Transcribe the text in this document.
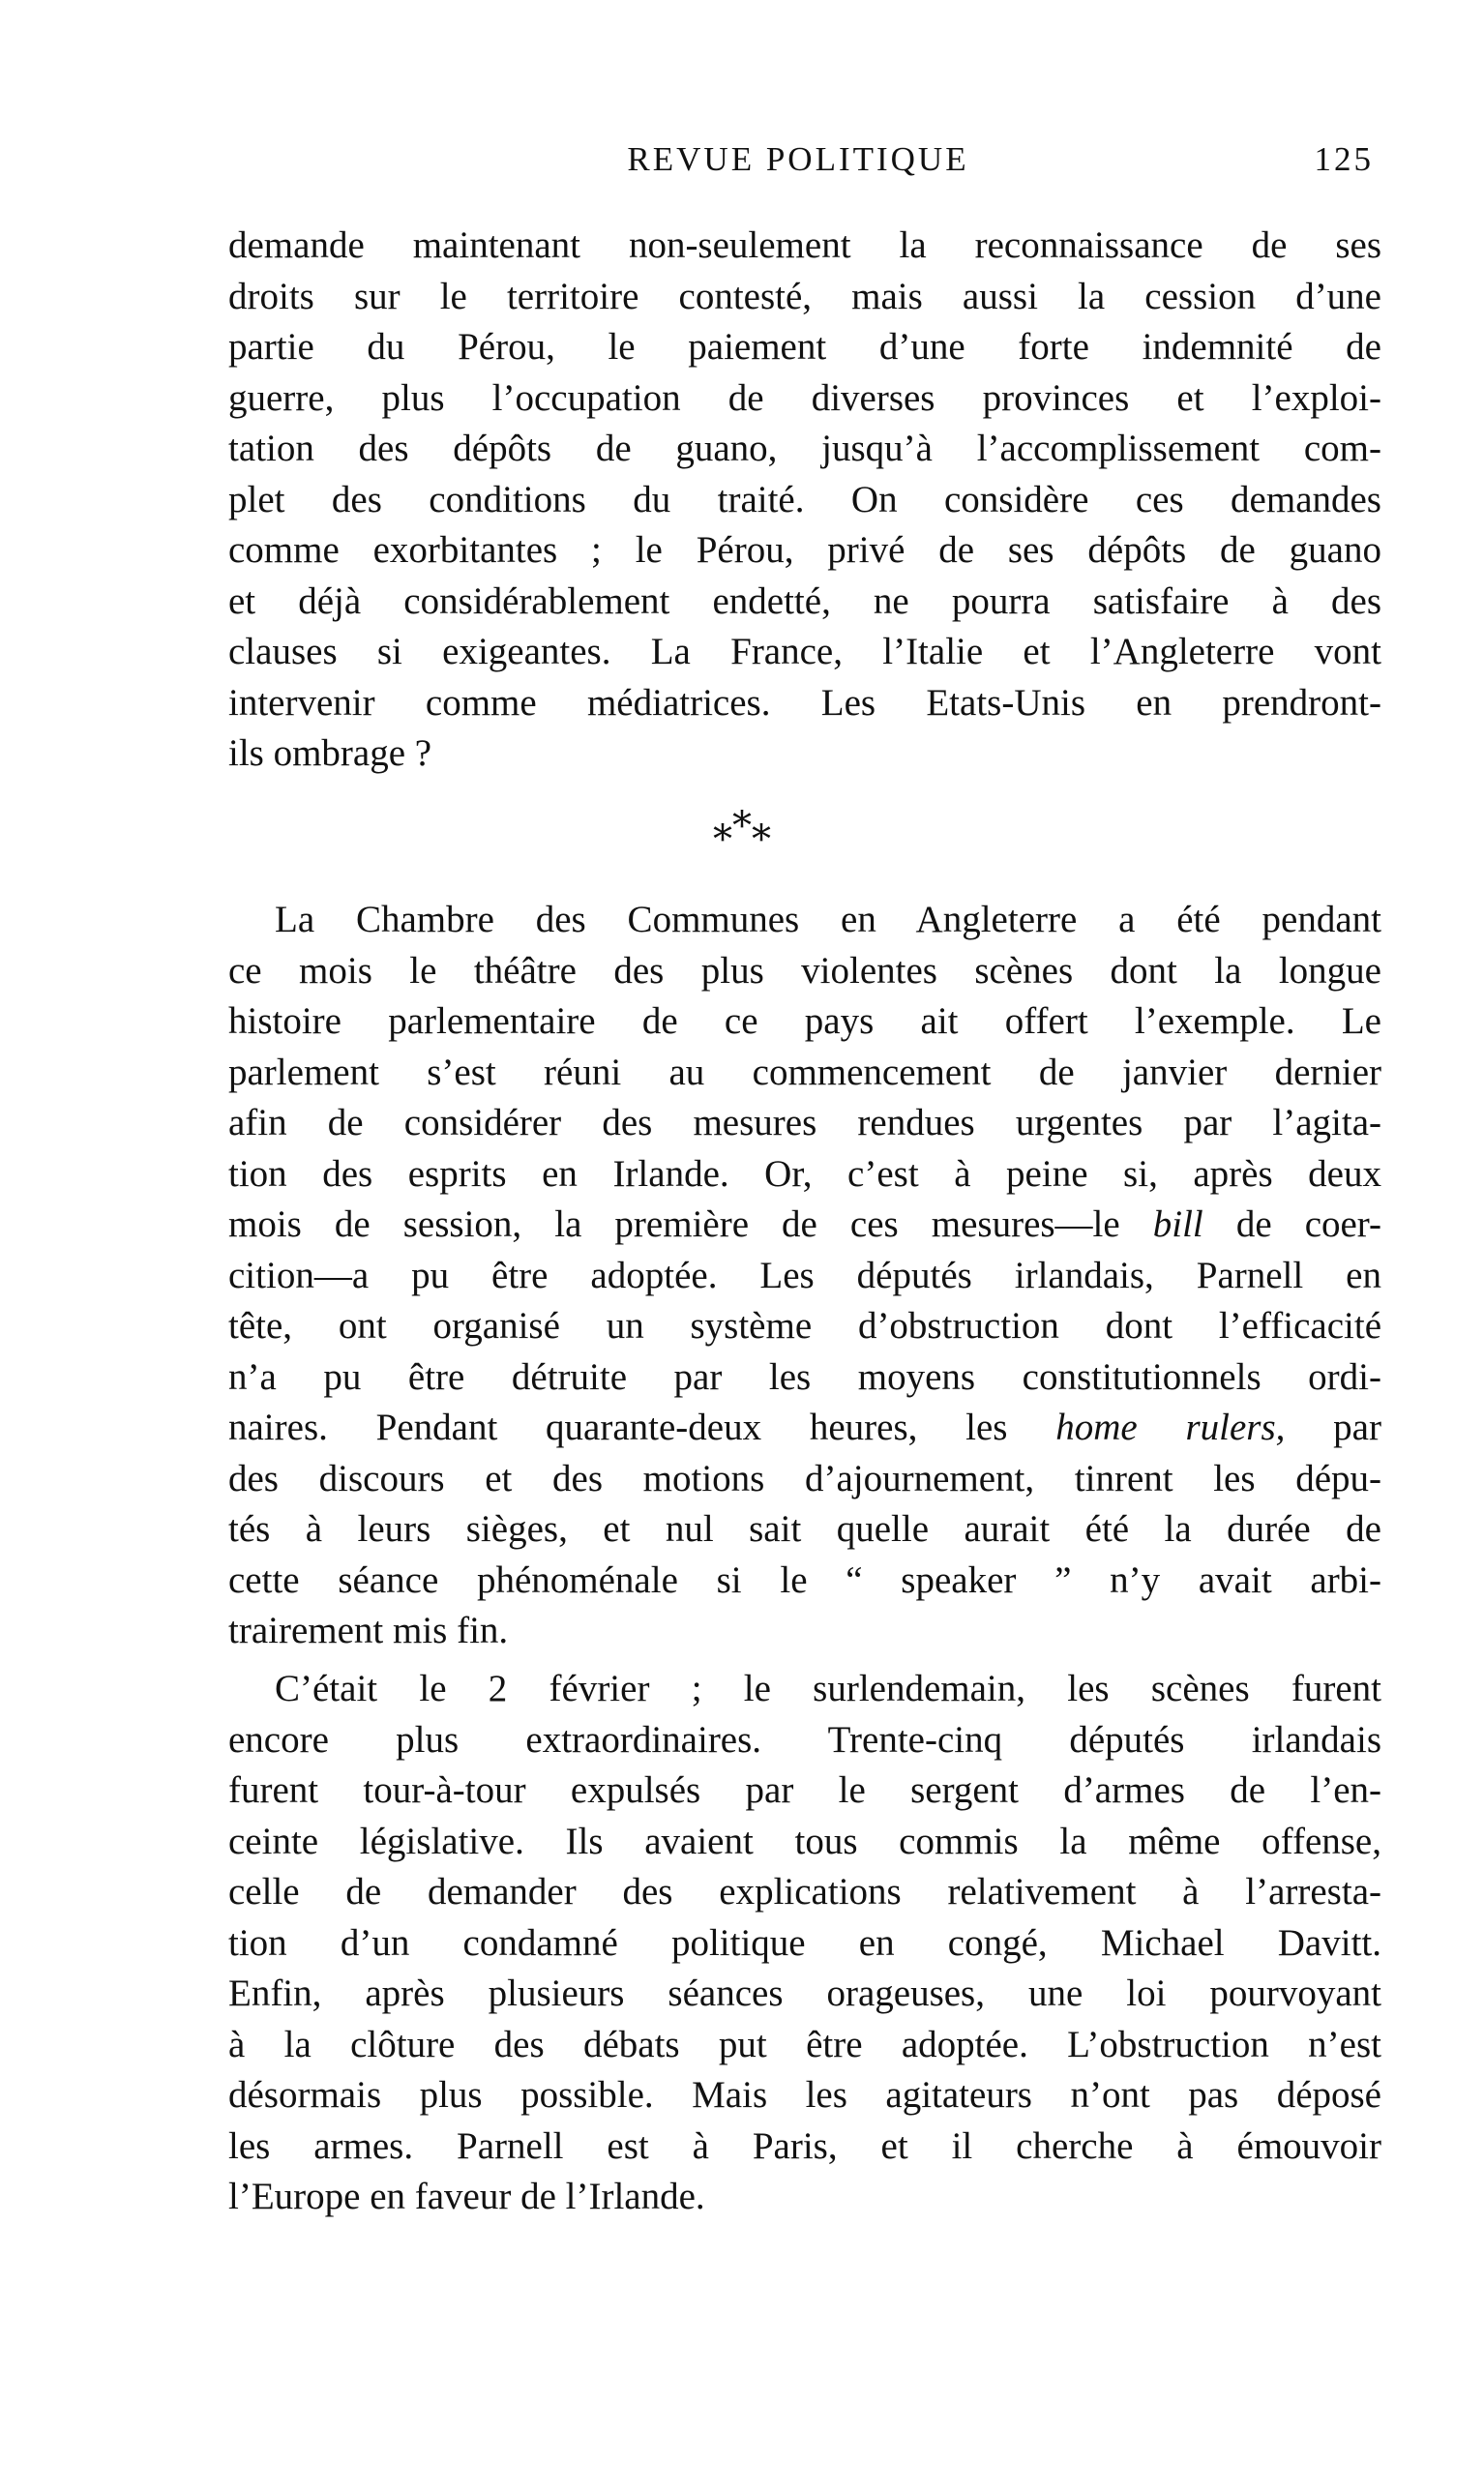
REVUE POLITIQUE	125
demande maintenant non-seulement la reconnaissance de ses
droits sur le territoire contesté, mais aussi la cession d’une
partie du Pérou, le paiement d’une forte indemnité de
guerre, plus l’occupation de diverses provinces et l’exploi-
tation des dépôts de guano, jusqu’à l’accomplissement com-
plet des conditions du traité. On considère ces demandes
comme exorbitantes ; le Pérou, privé de ses dépôts de guano
et déjà considérablement endetté, ne pourra satisfaire à des
clauses si exigeantes. La France, l’Italie et l’Angleterre vont
intervenir comme médiatrices. Les Etats-Unis en prendront-
ils ombrage ?
***
La Chambre des Communes en Angleterre a été pendant
ce mois le théâtre des plus violentes scènes dont la longue
histoire parlementaire de ce pays ait offert l’exemple. Le
parlement s’est réuni au commencement de janvier dernier
afin de considérer des mesures rendues urgentes par l’agita-
tion des esprits en Irlande. Or, c’est à peine si, après deux
mois de session, la première de ces mesures—le bill de coer-
cition—a pu être adoptée. Les députés irlandais, Parnell en
tête, ont organisé un système d’obstruction dont l’efficacité
n’a pu être détruite par les moyens constitutionnels ordi-
naires. Pendant quarante-deux heures, les home rulers, par
des discours et des motions d’ajournement, tinrent les dépu-
tés à leurs sièges, et nul sait quelle aurait été la durée de
cette séance phénoménale si le “ speaker ” n’y avait arbi-
trairement mis fin.
C’était le 2 février ; le surlendemain, les scènes furent
encore plus extraordinaires. Trente-cinq députés irlandais
furent tour-à-tour expulsés par le sergent d’armes de l’en-
ceinte législative. Ils avaient tous commis la même offense,
celle de demander des explications relativement à l’arresta-
tion d’un condamné politique en congé, Michael Davitt.
Enfin, après plusieurs séances orageuses, une loi pourvoyant
à la clôture des débats put être adoptée. L’obstruction n’est
désormais plus possible. Mais les agitateurs n’ont pas déposé
les armes. Parnell est à Paris, et il cherche à émouvoir
l’Europe en faveur de l’Irlande.
